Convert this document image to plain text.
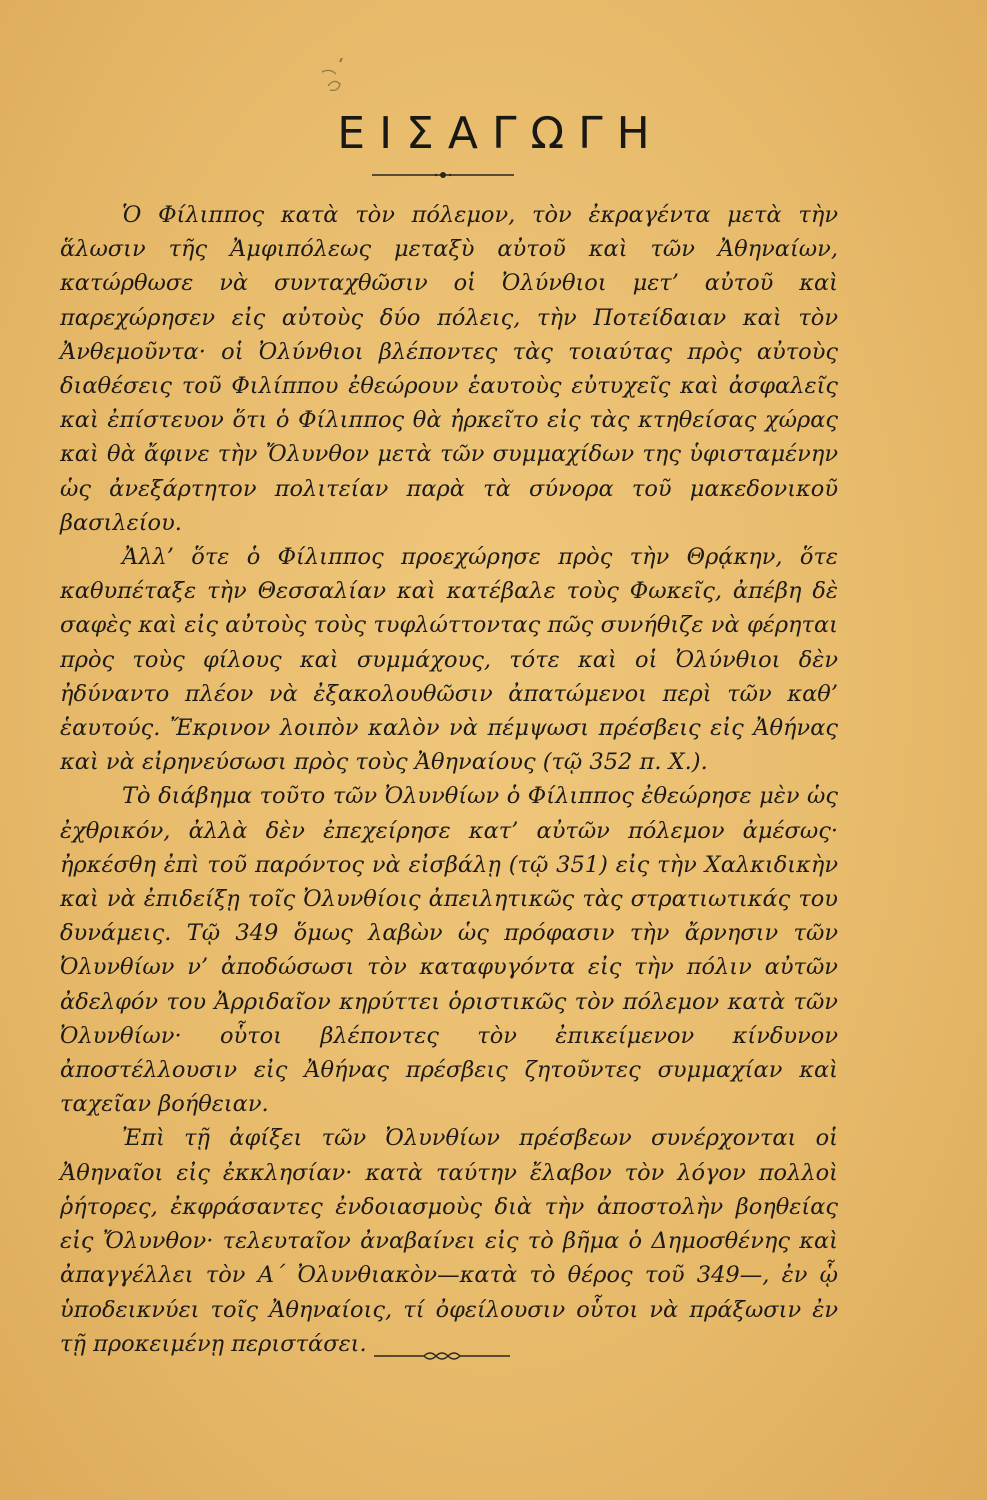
ΕΙΣΑΓΩΓΗ

Ὁ Φίλιππος κατὰ τὸν πόλεμον, τὸν ἐκραγέντα μετὰ τὴν ἅλωσιν τῆς Ἀμφιπόλεως μεταξὺ αὐτοῦ καὶ τῶν Ἀθηναίων, κατώρθωσε νὰ συνταχθῶσιν οἱ Ὀλύνθιοι μετ’ αὐτοῦ καὶ παρεχώρησεν εἰς αὐτοὺς δύο πόλεις, τὴν Ποτείδαιαν καὶ τὸν Ἀνθεμοῦντα· οἱ Ὀλύνθιοι βλέποντες τὰς τοιαύτας πρὸς αὐτοὺς διαθέσεις τοῦ Φιλίππου ἐθεώρουν ἑαυτοὺς εὐτυχεῖς καὶ ἀσφαλεῖς καὶ ἐπίστευον ὅτι ὁ Φίλιππος θὰ ἠρκεῖτο εἰς τὰς κτηθείσας χώρας καὶ θὰ ἄφινε τὴν Ὄλυνθον μετὰ τῶν συμμαχίδων της ὑφισταμένην ὡς ἀνεξάρτητον πολιτείαν παρὰ τὰ σύνορα τοῦ μακεδονικοῦ βασιλείου.

Ἀλλ’ ὅτε ὁ Φίλιππος προεχώρησε πρὸς τὴν Θρᾴκην, ὅτε καθυπέταξε τὴν Θεσσαλίαν καὶ κατέβαλε τοὺς Φωκεῖς, ἀπέβη δὲ σαφὲς καὶ εἰς αὐτοὺς τοὺς τυφλώττοντας πῶς συνήθιζε νὰ φέρηται πρὸς τοὺς φίλους καὶ συμμάχους, τότε καὶ οἱ Ὀλύνθιοι δὲν ἠδύναντο πλέον νὰ ἐξακολουθῶσιν ἀπατώμενοι περὶ τῶν καθ’ ἑαυτούς. Ἔκρινον λοιπὸν καλὸν νὰ πέμψωσι πρέσβεις εἰς Ἀθήνας καὶ νὰ εἰρηνεύσωσι πρὸς τοὺς Ἀθηναίους (τῷ 352 π. Χ.).

Τὸ διάβημα τοῦτο τῶν Ὀλυνθίων ὁ Φίλιππος ἐθεώρησε μὲν ὡς ἐχθρικόν, ἀλλὰ δὲν ἐπεχείρησε κατ’ αὐτῶν πόλεμον ἀμέσως· ἠρκέσθη ἐπὶ τοῦ παρόντος νὰ εἰσβάλῃ (τῷ 351) εἰς τὴν Χαλκιδικὴν καὶ νὰ ἐπιδείξῃ τοῖς Ὀλυνθίοις ἀπειλητικῶς τὰς στρατιωτικάς του δυνάμεις. Τῷ 349 ὅμως λαβὼν ὡς πρόφασιν τὴν ἄρνησιν τῶν Ὀλυνθίων ν’ ἀποδώσωσι τὸν καταφυγόντα εἰς τὴν πόλιν αὐτῶν ἀδελφόν του Ἀρριδαῖον κηρύττει ὁριστικῶς τὸν πόλεμον κατὰ τῶν Ὀλυνθίων· οὗτοι βλέποντες τὸν ἐπικείμενον κίνδυνον ἀποστέλλουσιν εἰς Ἀθήνας πρέσβεις ζητοῦντες συμμαχίαν καὶ ταχεῖαν βοήθειαν.

Ἐπὶ τῇ ἀφίξει τῶν Ὀλυνθίων πρέσβεων συνέρχονται οἱ Ἀθηναῖοι εἰς ἐκκλησίαν· κατὰ ταύτην ἔλαβον τὸν λόγον πολλοὶ ῥήτορες, ἐκφράσαντες ἐνδοιασμοὺς διὰ τὴν ἀποστολὴν βοηθείας εἰς Ὄλυνθον· τελευταῖον ἀναβαίνει εἰς τὸ βῆμα ὁ Δημοσθένης καὶ ἀπαγγέλλει τὸν Α΄ Ὀλυνθιακὸν—κατὰ τὸ θέρος τοῦ 349—, ἐν ᾧ ὑποδεικνύει τοῖς Ἀθηναίοις, τί ὀφείλουσιν οὗτοι νὰ πράξωσιν ἐν τῇ προκειμένῃ περιστάσει.
